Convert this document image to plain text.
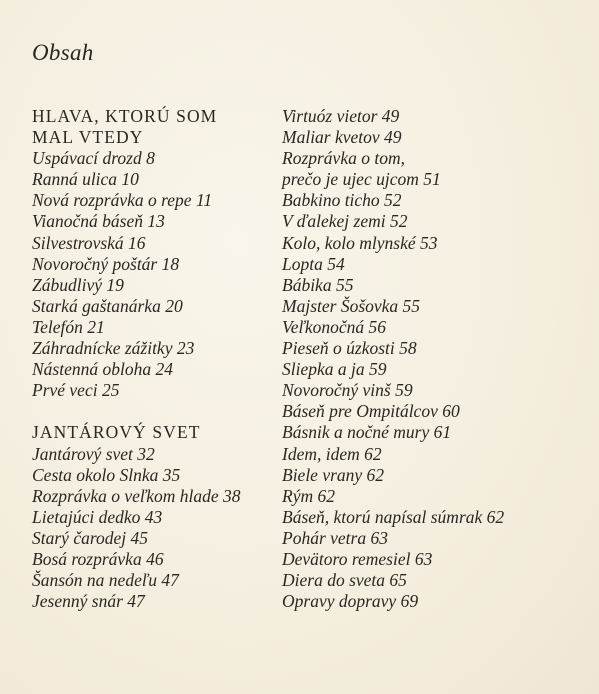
Obsah
HLAVA, KTORÚ SOM
MAL VTEDY
Uspávací drozd 8
Ranná ulica 10
Nová rozprávka o repe 11
Vianočná báseň 13
Silvestrovská 16
Novoročný poštár 18
Zábudlivý 19
Starká gaštanárka 20
Telefón 21
Záhradnícke zážitky 23
Nástenná obloha 24
Prvé veci 25
JANTÁROVÝ SVET
Jantárový svet 32
Cesta okolo Slnka 35
Rozprávka o veľkom hlade 38
Lietajúci dedko 43
Starý čarodej 45
Bosá rozprávka 46
Šansón na nedeľu 47
Jesenný snár 47
Virtuóz vietor 49
Maliar kvetov 49
Rozprávka o tom,
prečo je ujec ujcom 51
Babkino ticho 52
V ďalekej zemi 52
Kolo, kolo mlynské 53
Lopta 54
Bábika 55
Majster Šošovka 55
Veľkonočná 56
Pieseň o úzkosti 58
Sliepka a ja 59
Novoročný vinš 59
Báseň pre Ompitálcov 60
Básnik a nočné mury 61
Idem, idem 62
Biele vrany 62
Rým 62
Báseň, ktorú napísal súmrak 62
Pohár vetra 63
Devätoro remesiel 63
Diera do sveta 65
Opravy dopravy 69
